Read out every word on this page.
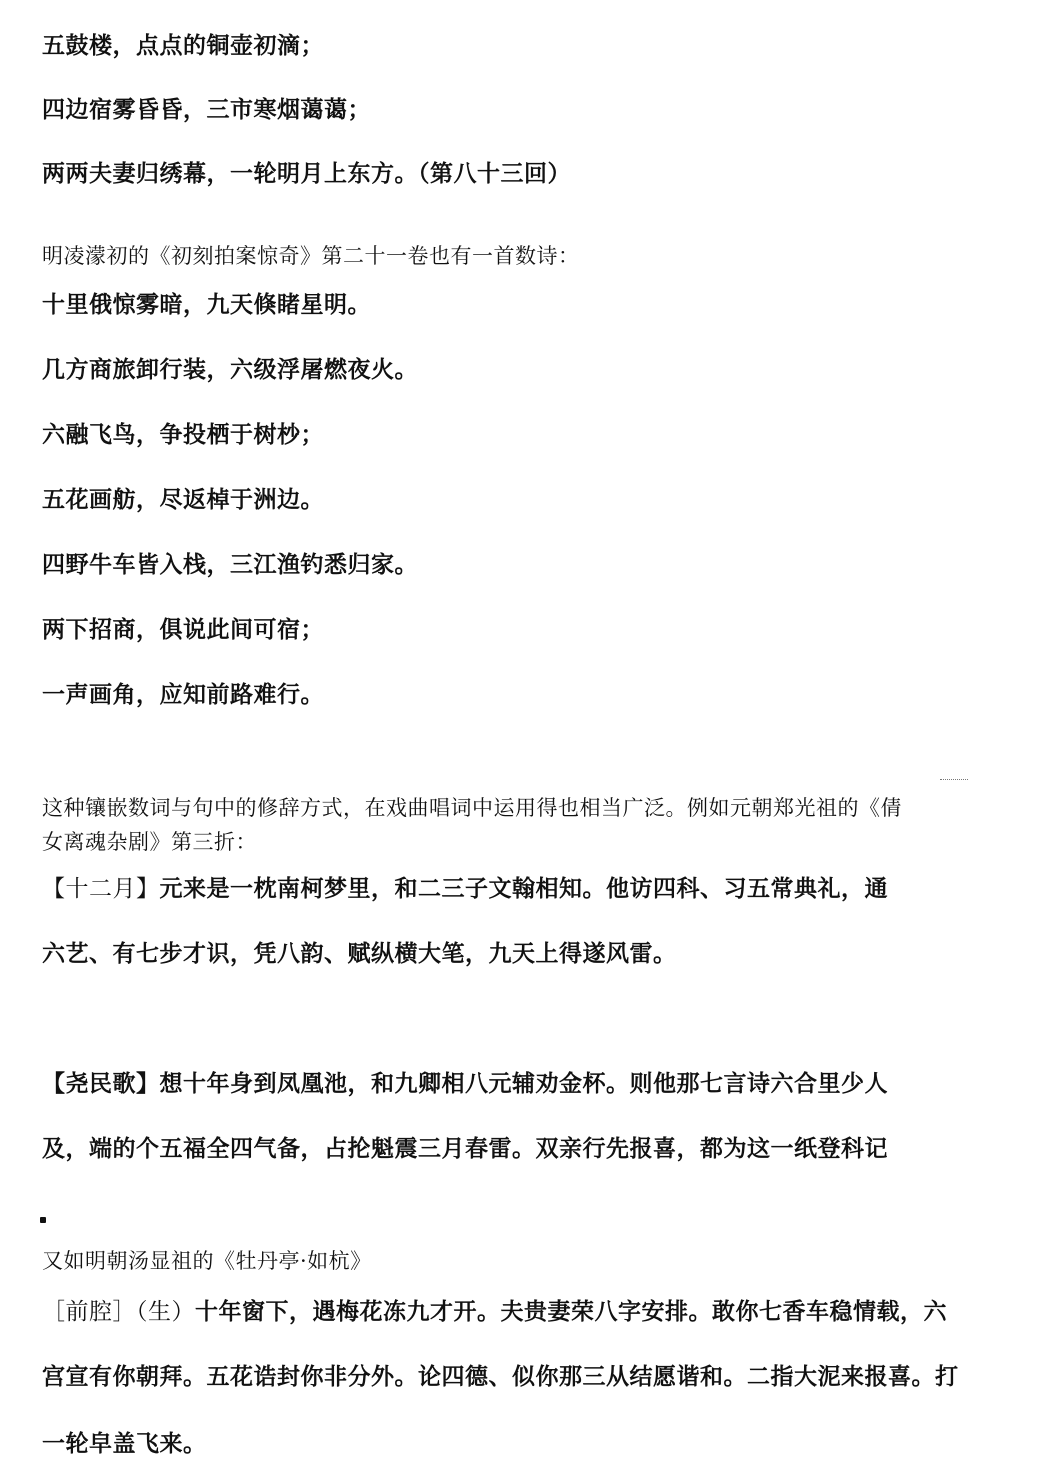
五鼓楼，点点的铜壶初滴；
四边宿雾昏昏，三市寒烟蔼蔼；
两两夫妻归绣幕，一轮明月上东方。（第八十三回）
明凌濛初的《初刻拍案惊奇》第二十一卷也有一首数诗：
十里俄惊雾暗，九天倏睹星明。
几方商旅卸行装，六级浮屠燃夜火。
六融飞鸟，争投栖于树杪；
五花画舫，尽返棹于洲边。
四野牛车皆入栈，三江渔钓悉归家。
两下招商，俱说此间可宿；
一声画角，应知前路难行。
这种镶嵌数词与句中的修辞方式，在戏曲唱词中运用得也相当广泛。例如元朝郑光祖的《倩
女离魂杂剧》第三折：
【十二月】元来是一枕南柯梦里，和二三子文翰相知。他访四科、习五常典礼，通
六艺、有七步才识，凭八韵、赋纵横大笔，九天上得遂风雷。
【尧民歌】想十年身到凤凰池，和九卿相八元辅劝金杯。则他那七言诗六合里少人
及，端的个五福全四气备，占抡魁震三月春雷。双亲行先报喜，都为这一纸登科记
又如明朝汤显祖的《牡丹亭·如杭》
［前腔］（生）十年窗下，遇梅花冻九才开。夫贵妻荣八字安排。敢你七香车稳情载，六
宫宣有你朝拜。五花诰封你非分外。论四德、似你那三从结愿谐和。二指大泥来报喜。打
一轮皁盖飞来。
